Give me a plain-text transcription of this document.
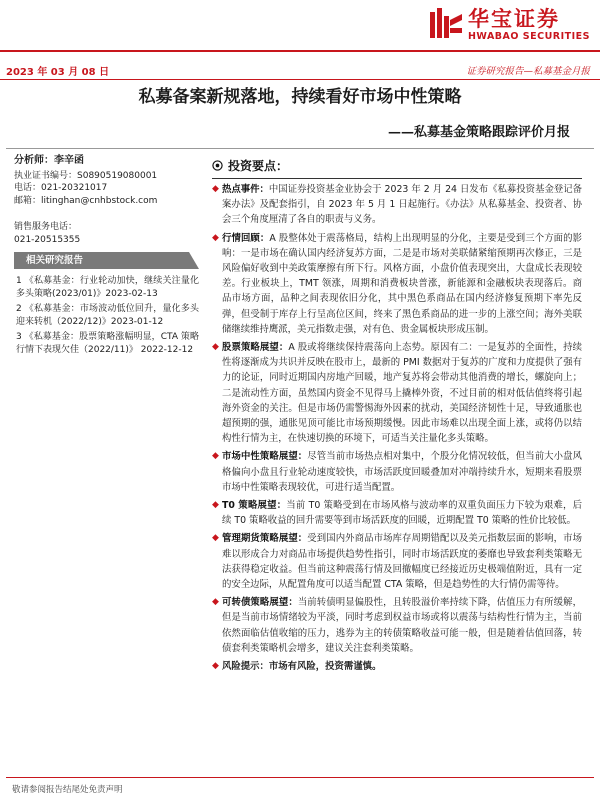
华宝证券
HWABAO SECURITIES
2023 年 03 月 08 日	证券研究报告—私募基金月报
私募备案新规落地，持续看好市场中性策略
——私募基金策略跟踪评价月报
分析师：李辛函
执业证书编号：S0890519080001
电话：021-20321017
邮箱：litinghan@cnhbstock.com
销售服务电话：
021-20515355
相关研究报告
1 《私募基金：行业轮动加快，继续关注量化多头策略(2023/01)》2023-02-13
2 《私募基金：市场波动低位回升，量化多头迎来转机（2022/12)》2023-01-12
3 《私募基金：股票策略涨幅明显，CTA 策略行情下表现欠佳（2022/11)》 2022-12-12
投资要点：
◆ 热点事件：中国证券投资基金业协会于 2023 年 2 月 24 日发布《私募投资基金登记备案办法》及配套指引，自 2023 年 5 月 1 日起施行。《办法》从私募基金、投资者、协会三个角度厘清了各自的职责与义务。
◆ 行情回顾：A 股整体处于震荡格局，结构上出现明显的分化，主要是受到三个方面的影响：一是市场在确认国内经济复苏方面，二是是市场对美联储紧缩预期再次修正，三是风险偏好收到中美政策摩擦有所下行。风格方面，小盘价值表现突出，大盘成长表现较差。行业板块上，TMT 领涨，周期和消费板块普涨，新能源和金融板块表现落后。商品市场方面，品种之间表现依旧分化，其中黑色系商品在国内经济修复预期下率先反弹，但受制于库存上行呈高位区间，终来了黑色系商品的进一步的上涨空间；海外美联储继续维持鹰派，美元指数走强，对有色、贵金属板块形成压制。
◆ 股票策略展望：A 股或将继续保持震荡向上态势。原因有二：一是复苏的全面性，持续性将逐渐成为共识并反映在股市上，最新的 PMI 数据对于复苏的广度和力度提供了强有力的论证，同时近期国内房地产回暖，地产复苏将会带动其他消费的增长，螺旋向上；二是流动性方面，虽然国内资金不见得马上撬棒外资，不过目前的相对低估值终将引起海外资金的关注。但是市场仍需警惕海外因素的扰动，美国经济韧性十足，导致通胀也超预期的强，通胀见顶可能比市场预期缓慢。因此市场难以出现全面上涨，或将仍以结构性行情为主，在快速切换的环境下，可适当关注量化多头策略。
◆ 市场中性策略展望：尽管当前市场热点相对集中，个股分化情况较低，但当前大小盘风格偏向小盘且行业轮动速度较快，市场活跃度回暖叠加对冲端持续升水，短期来看股票市场中性策略表现较优，可进行适当配置。
◆ T0 策略展望：当前 T0 策略受到在市场风格与波动率的双重负面压力下较为艰难，后续 T0 策略收益的回升需要等到市场活跃度的回暖，近期配置 T0 策略的性价比较低。
◆ 管理期货策略展望：受到国内外商品市场库存周期错配以及美元指数层面的影响，市场难以形成合力对商品市场提供趋势性指引，同时市场活跃度的萎靡也导致套利类策略无法获得稳定收益。但当前这种震荡行情及回撤幅度已经接近历史极端值附近，具有一定的安全边际，从配置角度可以适当配置 CTA 策略，但是趋势性的大行情仍需等待。
◆ 可转债策略展望：当前转债明显偏股性，且转股溢价率持续下降，估值压力有所缓解，但是当前市场情绪较为平淡，同时考虑到权益市场或将以震荡与结构性行情为主，当前依然面临估值收缩的压力，逃券为主的转债策略收益可能一般，但是随着估值回落，转债套利类策略机会增多，建议关注套利类策略。
◆ 风险提示：市场有风险，投资需谨慎。
敬请参阅报告结尾处免责声明
